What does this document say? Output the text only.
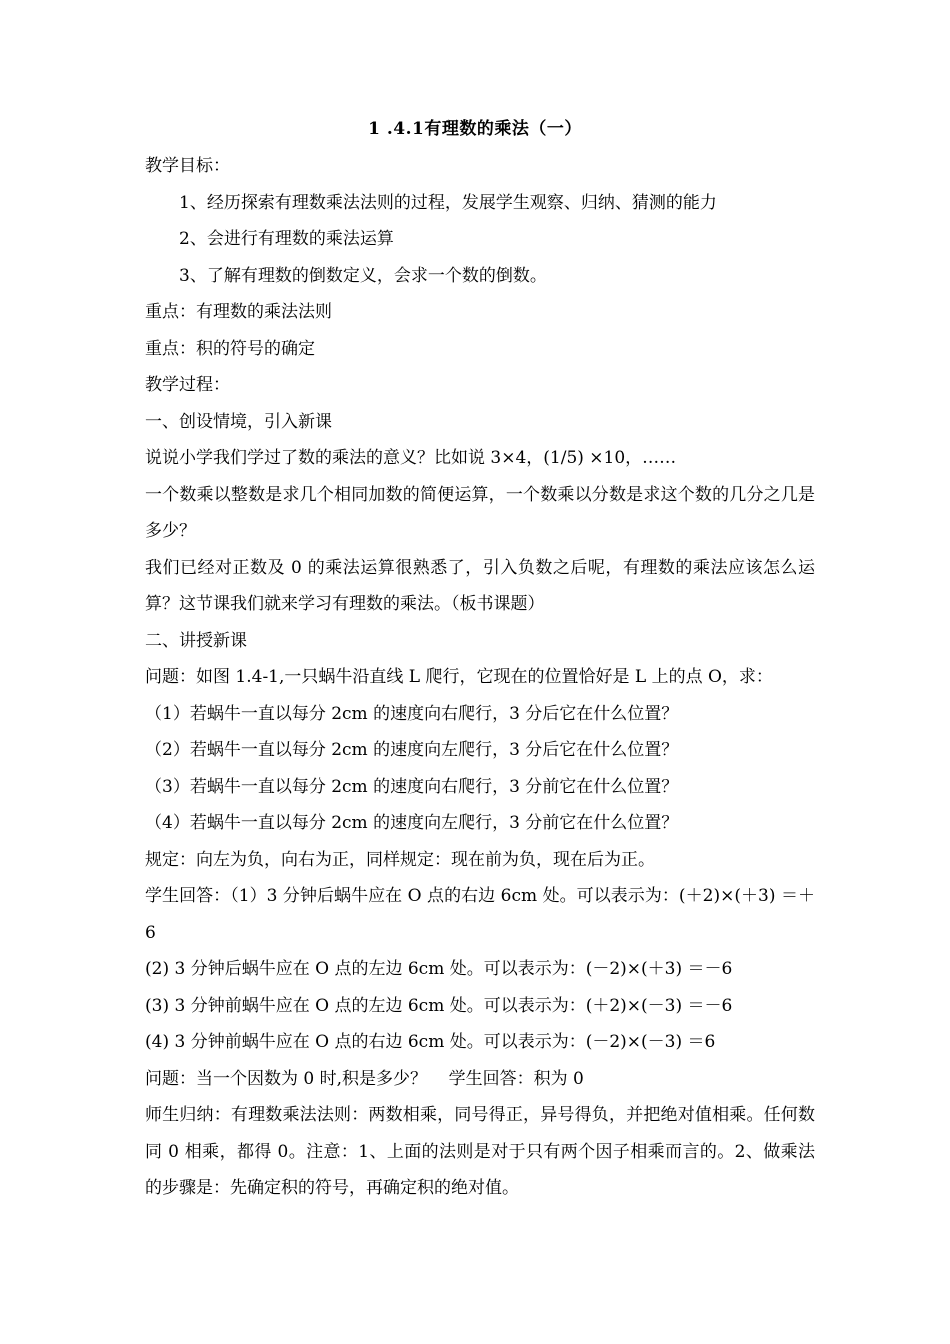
1 .4.1有理数的乘法（一）
教学目标：
1、经历探索有理数乘法法则的过程，发展学生观察、归纳、猜测的能力
2、会进行有理数的乘法运算
3、了解有理数的倒数定义，会求一个数的倒数。
重点：有理数的乘法法则
重点：积的符号的确定
教学过程：
一、创设情境，引入新课
说说小学我们学过了数的乘法的意义？比如说 3×4，(1/5) ×10，……
一个数乘以整数是求几个相同加数的简便运算，一个数乘以分数是求这个数的几分之几是多少？
我们已经对正数及 0 的乘法运算很熟悉了，引入负数之后呢，有理数的乘法应该怎么运算？这节课我们就来学习有理数的乘法。（板书课题）
二、讲授新课
问题：如图 1.4-1,一只蜗牛沿直线 L 爬行，它现在的位置恰好是 L 上的点 O，求：
（1）若蜗牛一直以每分 2cm 的速度向右爬行，3 分后它在什么位置？
（2）若蜗牛一直以每分 2cm 的速度向左爬行，3 分后它在什么位置？
（3）若蜗牛一直以每分 2cm 的速度向右爬行，3 分前它在什么位置？
（4）若蜗牛一直以每分 2cm 的速度向左爬行，3 分前它在什么位置？
规定：向左为负，向右为正，同样规定：现在前为负，现在后为正。
学生回答：（1）3 分钟后蜗牛应在 O 点的右边 6cm 处。可以表示为：(＋2)×(＋3) ＝＋6
(2) 3 分钟后蜗牛应在 O 点的左边 6cm 处。可以表示为：(－2)×(＋3) ＝－6
(3) 3 分钟前蜗牛应在 O 点的左边 6cm 处。可以表示为：(＋2)×(－3) ＝－6
(4) 3 分钟前蜗牛应在 O 点的右边 6cm 处。可以表示为：(－2)×(－3) ＝6
问题：当一个因数为 0 时,积是多少？    学生回答：积为 0
师生归纳：有理数乘法法则：两数相乘，同号得正，异号得负，并把绝对值相乘。任何数同 0 相乘，都得 0。注意：1、上面的法则是对于只有两个因子相乘而言的。2、做乘法的步骤是：先确定积的符号，再确定积的绝对值。
